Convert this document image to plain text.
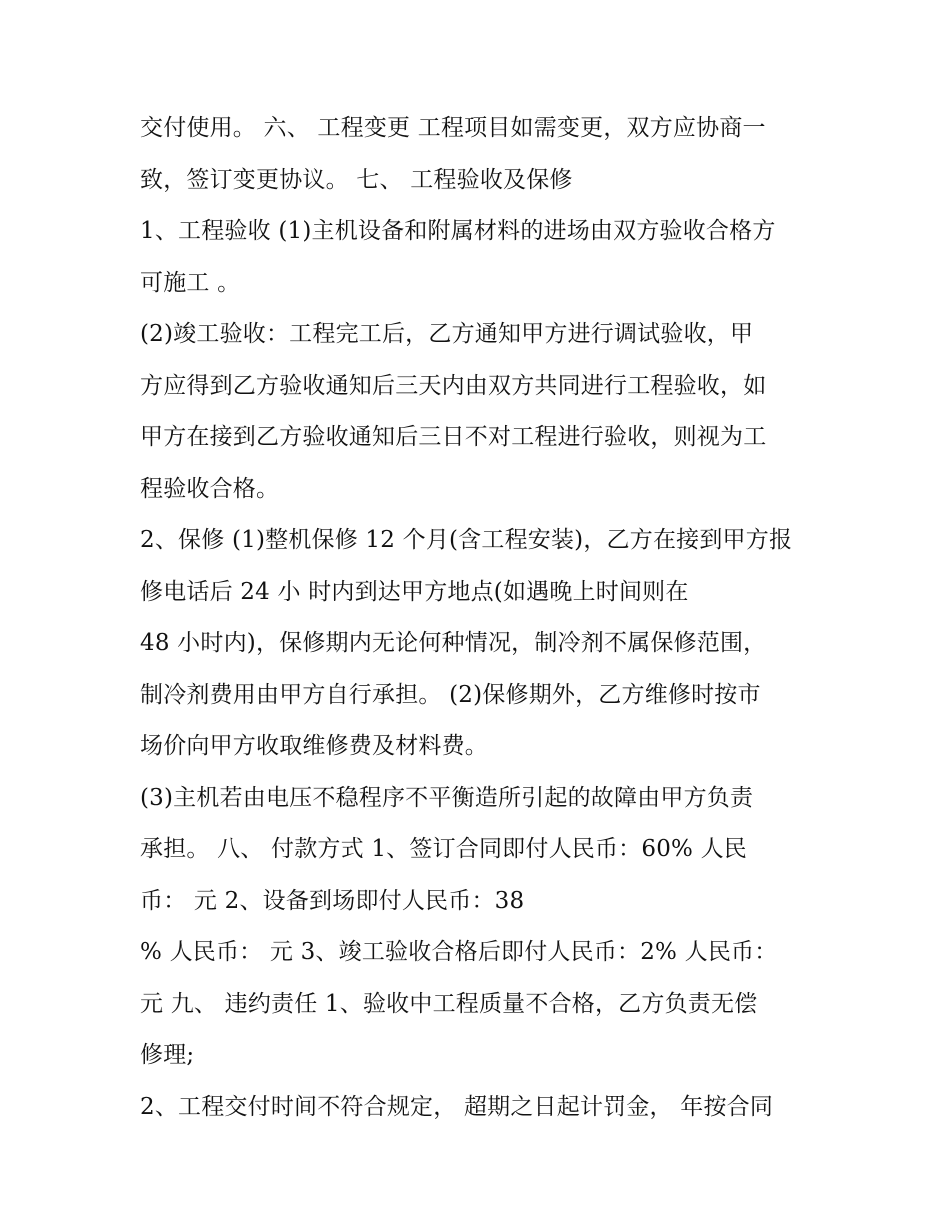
交付使用。 六、 工程变更 工程项目如需变更，双方应协商一
致，签订变更协议。 七、 工程验收及保修
1、工程验收 (1)主机设备和附属材料的进场由双方验收合格方
可施工 。
(2)竣工验收：工程完工后，乙方通知甲方进行调试验收，甲
方应得到乙方验收通知后三天内由双方共同进行工程验收，如
甲方在接到乙方验收通知后三日不对工程进行验收，则视为工
程验收合格。
2、保修 (1)整机保修 12 个月(含工程安装)，乙方在接到甲方报
修电话后 24 小 时内到达甲方地点(如遇晚上时间则在
48 小时内)，保修期内无论何种情况，制冷剂不属保修范围，
制冷剂费用由甲方自行承担。 (2)保修期外，乙方维修时按市
场价向甲方收取维修费及材料费。
(3)主机若由电压不稳程序不平衡造所引起的故障由甲方负责
承担。 八、 付款方式 1、签订合同即付人民币：60% 人民
币： 元 2、设备到场即付人民币：38
% 人民币： 元 3、竣工验收合格后即付人民币：2% 人民币：
元 九、 违约责任 1、验收中工程质量不合格，乙方负责无偿
修理;
2、工程交付时间不符合规定， 超期之日起计罚金， 年按合同
